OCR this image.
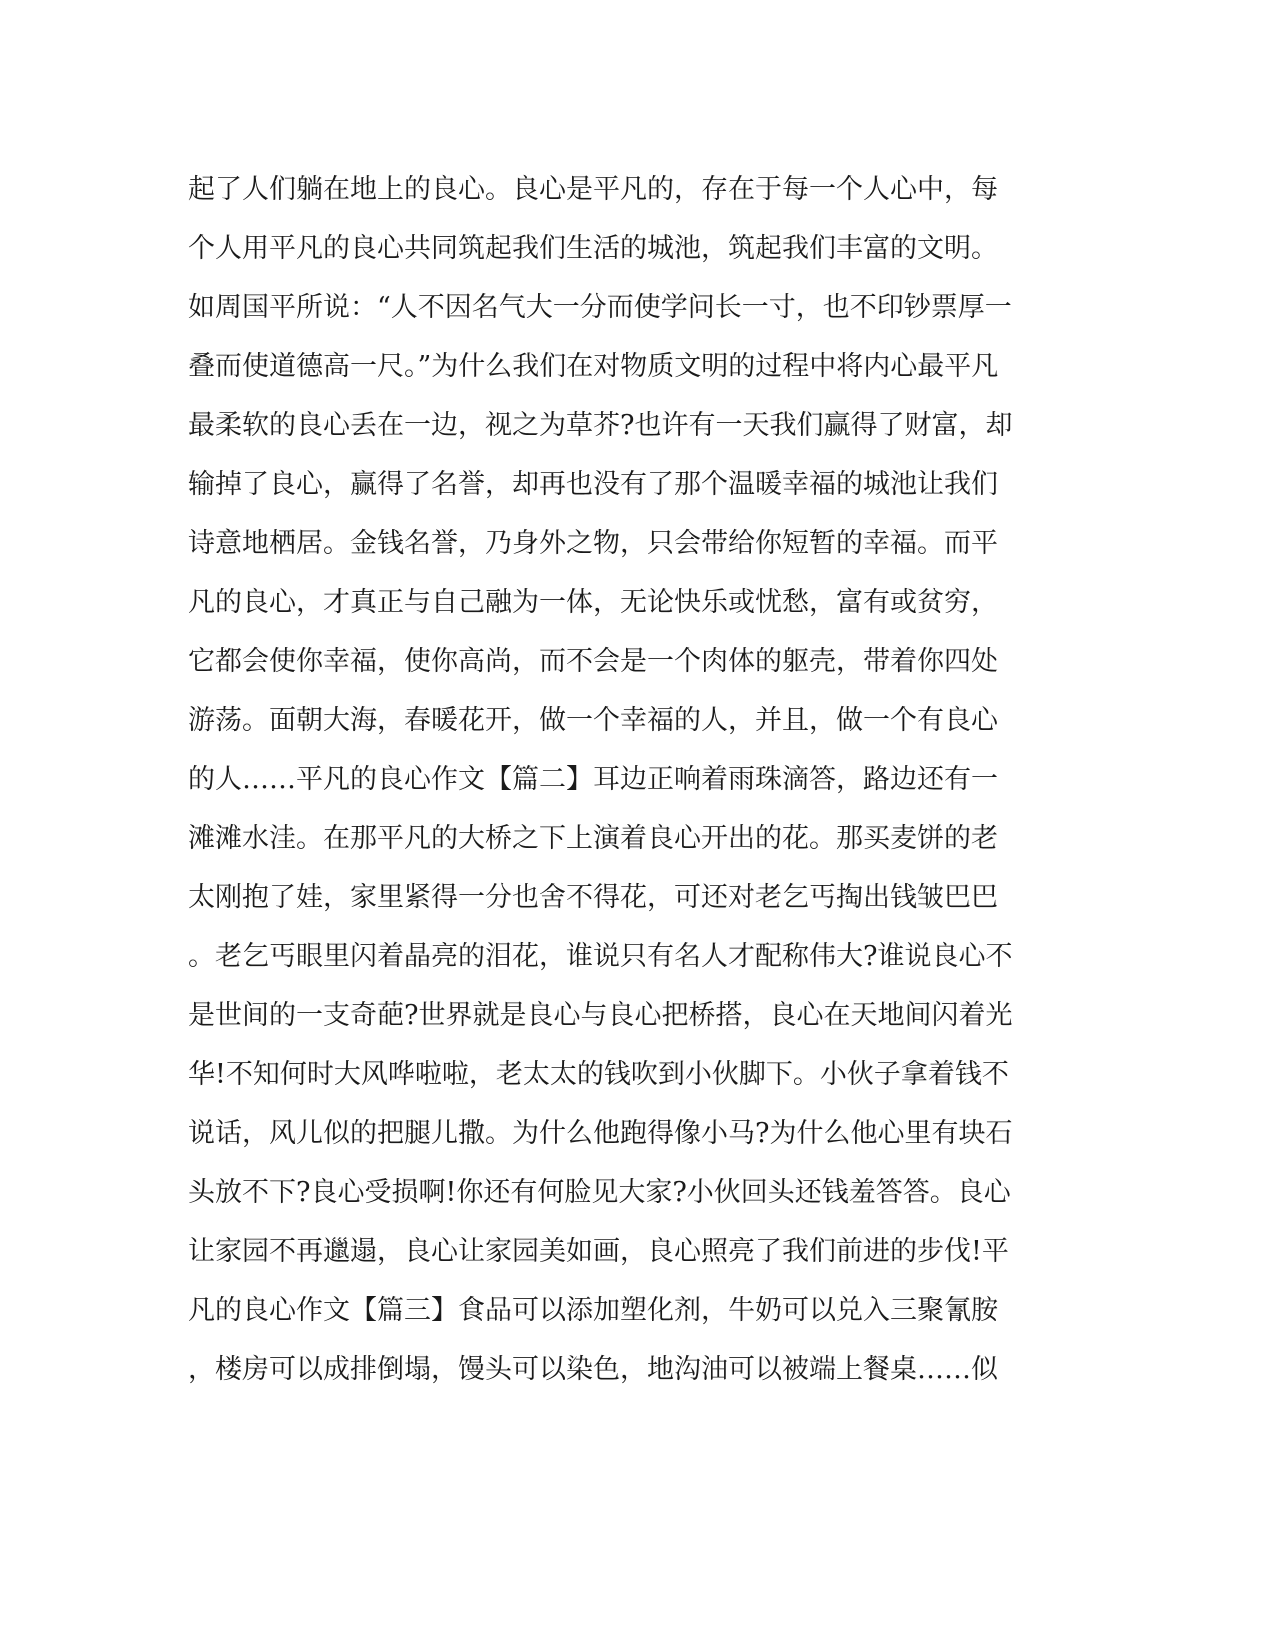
起了人们躺在地上的良心。良心是平凡的，存在于每一个人心中，每
个人用平凡的良心共同筑起我们生活的城池，筑起我们丰富的文明。
如周国平所说：“人不因名气大一分而使学问长一寸，也不印钞票厚一
叠而使道德高一尺。”为什么我们在对物质文明的过程中将内心最平凡
最柔软的良心丢在一边，视之为草芥?也许有一天我们赢得了财富，却
输掉了良心，赢得了名誉，却再也没有了那个温暖幸福的城池让我们
诗意地栖居。金钱名誉，乃身外之物，只会带给你短暂的幸福。而平
凡的良心，才真正与自己融为一体，无论快乐或忧愁，富有或贫穷，
它都会使你幸福，使你高尚，而不会是一个肉体的躯壳，带着你四处
游荡。面朝大海，春暖花开，做一个幸福的人，并且，做一个有良心
的人……平凡的良心作文【篇二】耳边正响着雨珠滴答，路边还有一
滩滩水洼。在那平凡的大桥之下上演着良心开出的花。那买麦饼的老
太刚抱了娃，家里紧得一分也舍不得花，可还对老乞丐掏出钱皱巴巴
。老乞丐眼里闪着晶亮的泪花，谁说只有名人才配称伟大?谁说良心不
是世间的一支奇葩?世界就是良心与良心把桥搭，良心在天地间闪着光
华!不知何时大风哗啦啦，老太太的钱吹到小伙脚下。小伙子拿着钱不
说话，风儿似的把腿儿撒。为什么他跑得像小马?为什么他心里有块石
头放不下?良心受损啊!你还有何脸见大家?小伙回头还钱羞答答。良心
让家园不再邋遢，良心让家园美如画，良心照亮了我们前进的步伐!平
凡的良心作文【篇三】食品可以添加塑化剂，牛奶可以兑入三聚氰胺
，楼房可以成排倒塌，馒头可以染色，地沟油可以被端上餐桌……似
